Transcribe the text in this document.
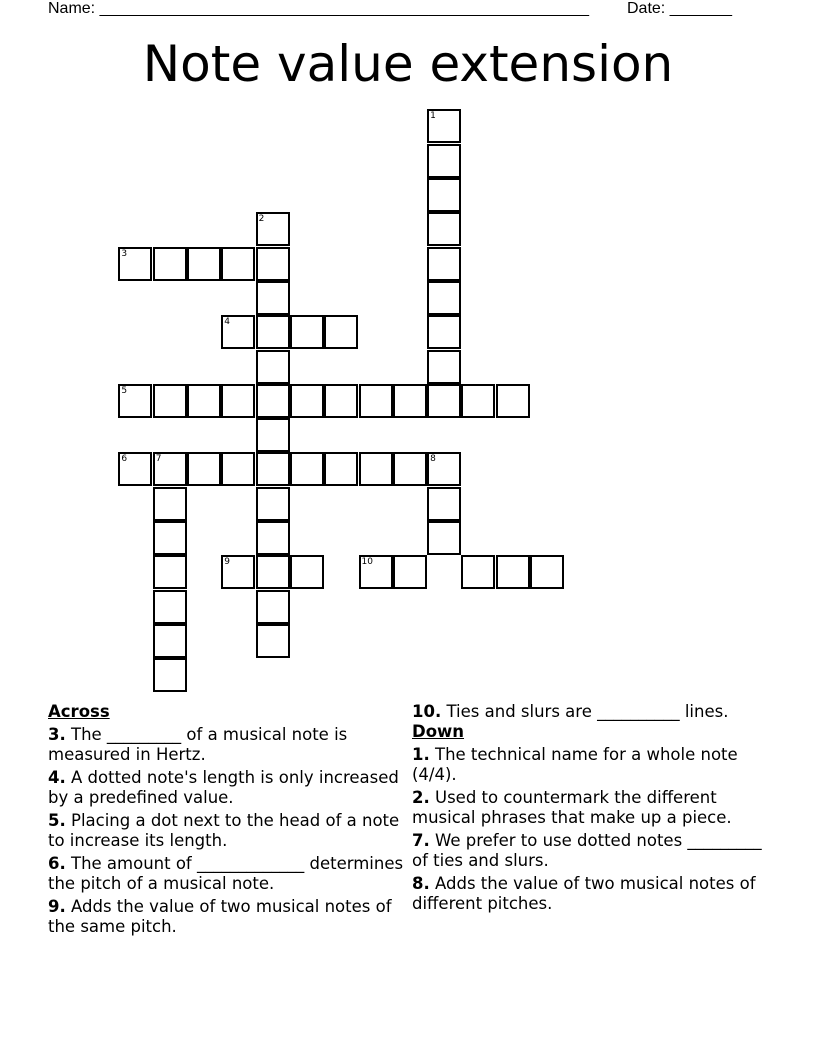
Name: _______________________________________________________ Date: _______
Note value extension
1
2
3
4
5
6	7	8
9	10
Across
3. The _________ of a musical note is measured in Hertz.
4. A dotted note's length is only increased by a predefined value.
5. Placing a dot next to the head of a note to increase its length.
6. The amount of _____________ determines the pitch of a musical note.
9. Adds the value of two musical notes of the same pitch.
10. Ties and slurs are __________ lines.
Down
1. The technical name for a whole note (4/4).
2. Used to countermark the different musical phrases that make up a piece.
7. We prefer to use dotted notes _________ of ties and slurs.
8. Adds the value of two musical notes of different pitches.
